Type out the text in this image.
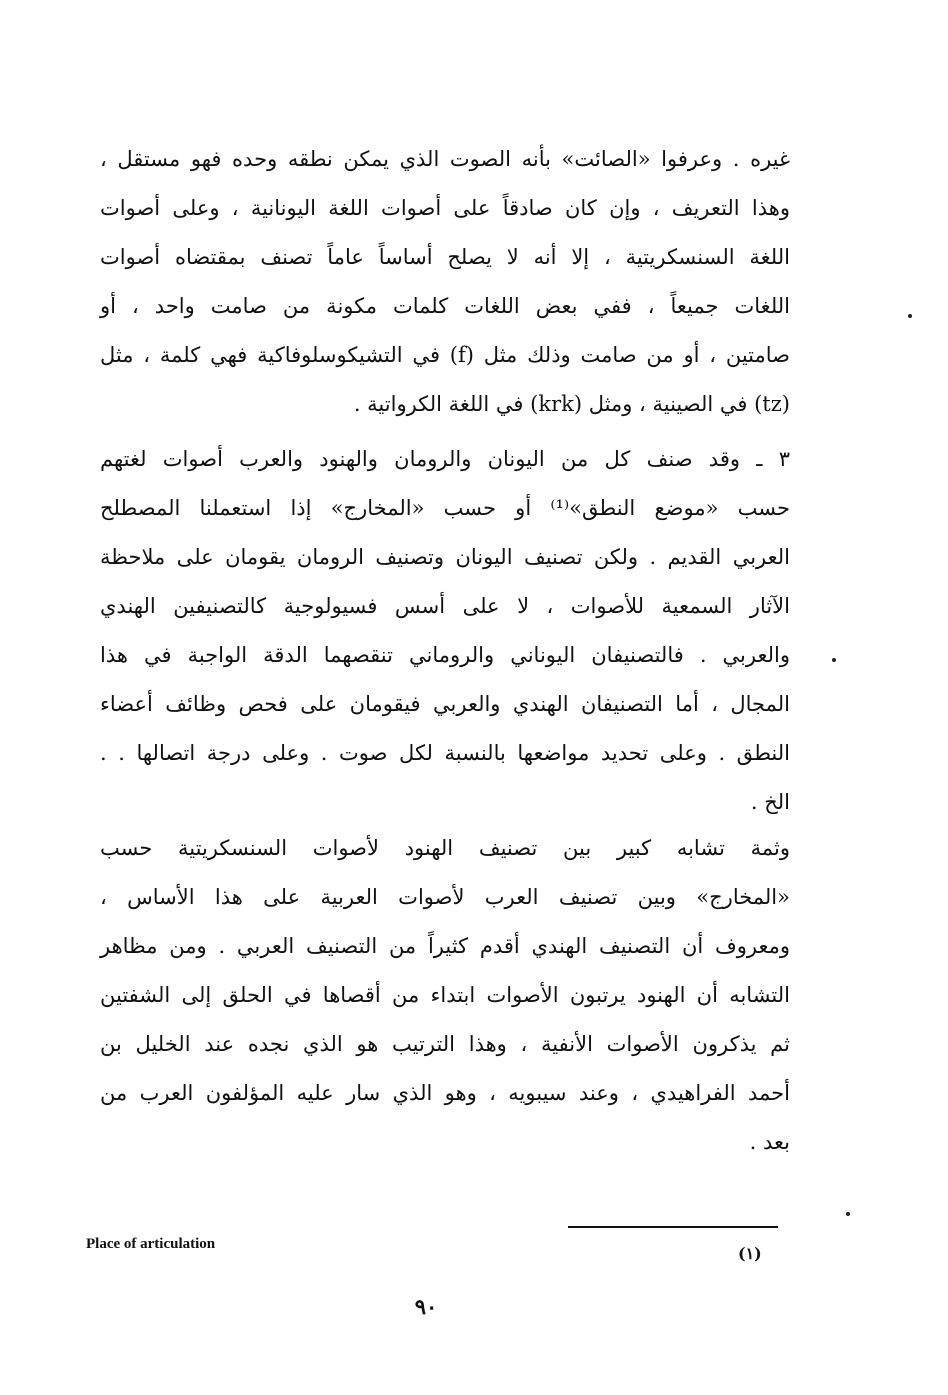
غيره . وعرفوا «الصائت» بأنه الصوت الذي يمكن نطقه وحده فهو مستقل ،
وهذا التعريف ، وإن كان صادقاً على أصوات اللغة اليونانية ، وعلى أصوات
اللغة السنسكريتية ، إلا أنه لا يصلح أساساً عاماً تصنف بمقتضاه أصوات
اللغات جميعاً ، ففي بعض اللغات كلمات مكونة من صامت واحد ، أو
صامتين ، أو من صامت وذلك مثل (f) في التشيكوسلوفاكية فهي كلمة ، مثل
(tz) في الصينية ، ومثل (krk) في اللغة الكرواتية .
٣ ـ وقد صنف كل من اليونان والرومان والهنود والعرب أصوات لغتهم
حسب «موضع النطق»⁽¹⁾ أو حسب «المخارج» إذا استعملنا المصطلح
العربي القديم . ولكن تصنيف اليونان وتصنيف الرومان يقومان على ملاحظة
الآثار السمعية للأصوات ، لا على أسس فسيولوجية كالتصنيفين الهندي
والعربي . فالتصنيفان اليوناني والروماني تنقصهما الدقة الواجبة في هذا
المجال ، أما التصنيفان الهندي والعربي فيقومان على فحص وظائف أعضاء
النطق . وعلى تحديد مواضعها بالنسبة لكل صوت . وعلى درجة اتصالها . .
الخ .
وثمة تشابه كبير بين تصنيف الهنود لأصوات السنسكريتية حسب
«المخارج» وبين تصنيف العرب لأصوات العربية على هذا الأساس ،
ومعروف أن التصنيف الهندي أقدم كثيراً من التصنيف العربي . ومن مظاهر
التشابه أن الهنود يرتبون الأصوات ابتداء من أقصاها في الحلق إلى الشفتين
ثم يذكرون الأصوات الأنفية ، وهذا الترتيب هو الذي نجده عند الخليل بن
أحمد الفراهيدي ، وعند سيبويه ، وهو الذي سار عليه المؤلفون العرب من
بعد .
Place of articulation	(١)
٩٠
